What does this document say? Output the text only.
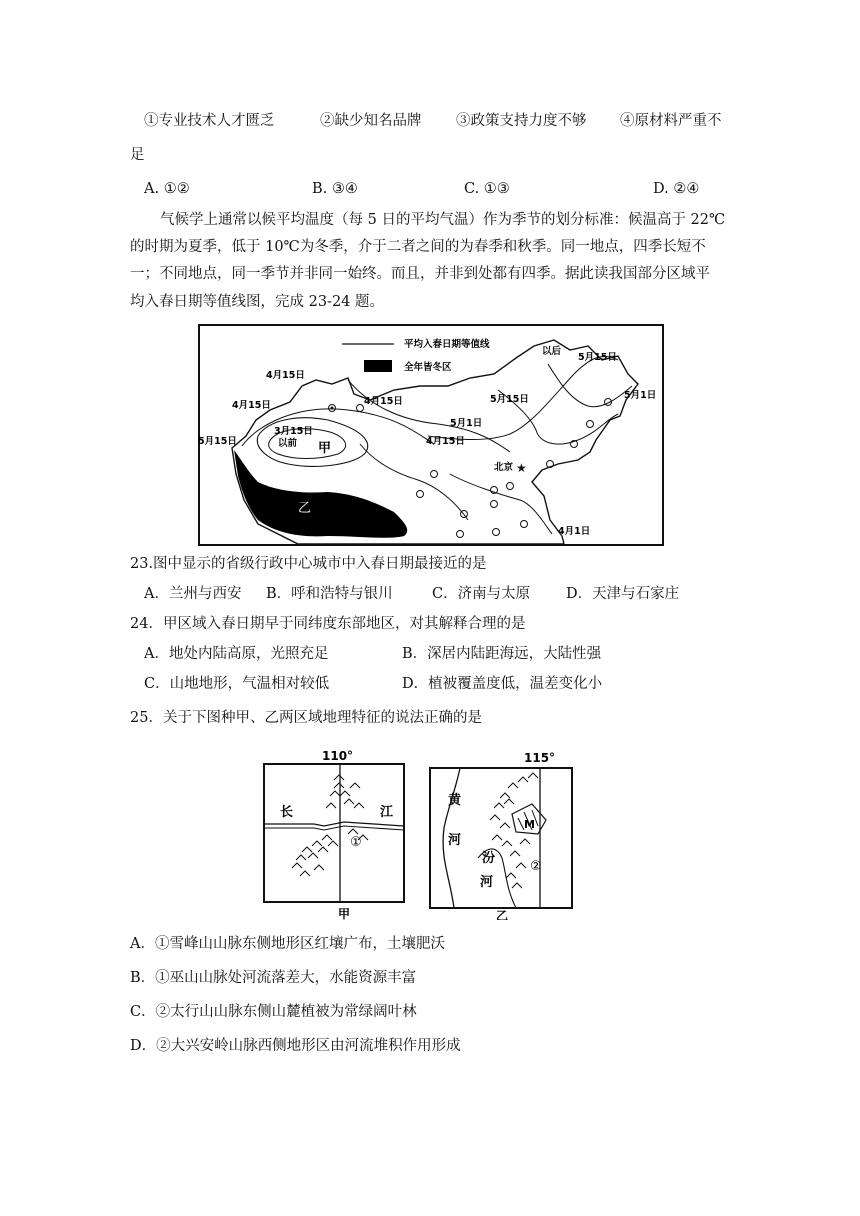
①专业技术人才匮乏	②缺少知名品牌 ③政策支持力度不够 ④原材料严重不
足
A. ①②	B. ③④	C. ①③	D. ②④
气候学上通常以候平均温度（每 5 日的平均气温）作为季节的划分标准：候温高于 22℃
的时期为夏季，低于 10℃为冬季，介于二者之间的为春季和秋季。同一地点，四季长短不
一；不同地点，同一季节并非同一始终。而且，并非到处都有四季。据此读我国部分区域平
均入春日期等值线图，完成 23-24 题。
平均入春日期等值线
全年皆冬区
★
4月15日
4月15日	4月15日
4月15日
3月15日
以前 甲
5月15日
5月15日
5月15日
以后
5月1日
5月1日
北京
乙
4月1日
23.图中显示的省级行政中心城市中入春日期最接近的是
A．兰州与西安 B．呼和浩特与银川	C．济南与太原 D．天津与石家庄
24．甲区域入春日期早于同纬度东部地区，对其解释合理的是
A．地处内陆高原，光照充足	B．深居内陆距海远，大陆性强
C．山地地形，气温相对较低	D．植被覆盖度低，温差变化小
25．关于下图种甲、乙两区域地理特征的说法正确的是
110°
长	江
①
甲
115°
黄
河
汾
河
M
②
乙
A．①雪峰山山脉东侧地形区红壤广布，土壤肥沃
B．①巫山山脉处河流落差大，水能资源丰富
C．②太行山山脉东侧山麓植被为常绿阔叶林
D．②大兴安岭山脉西侧地形区由河流堆积作用形成
